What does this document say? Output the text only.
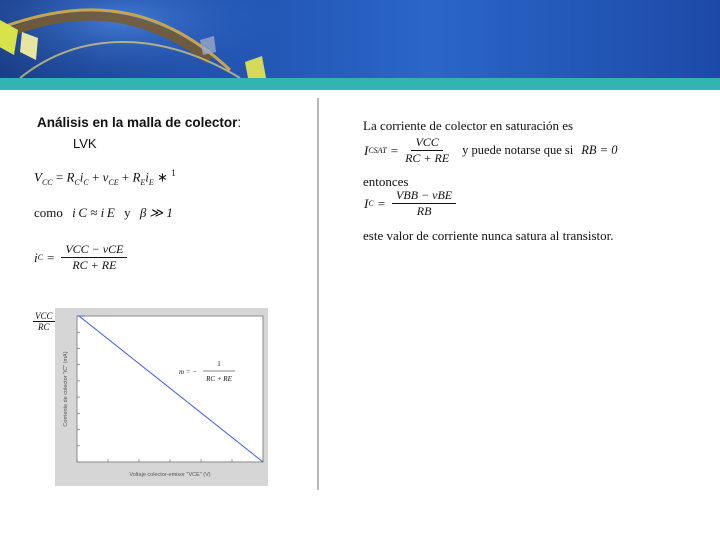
Análisis en la malla de colector:
LVK
$V_{CC} = R_Ci_C + v_{CE} + R_Ei_E$ ∗ $^1$
como i C ≈ i E y β ≫ 1
i $C = \frac{\text{VCC − vCE}}{RC + RE}$
VCC
RC
Corriente de colector "iC" (mA)
Voltaje colector-emisor "VCE" (V)
m = −
1
RC + RE
La corriente de colector en saturación es
I CSAT = $\frac{\text{VCC}}{RC + RE}$ y puede notarse que si RB = 0
entonces
I $C = \frac{\text{VBB − vBE}}{RB}$
este valor de corriente nunca satura al transistor.
